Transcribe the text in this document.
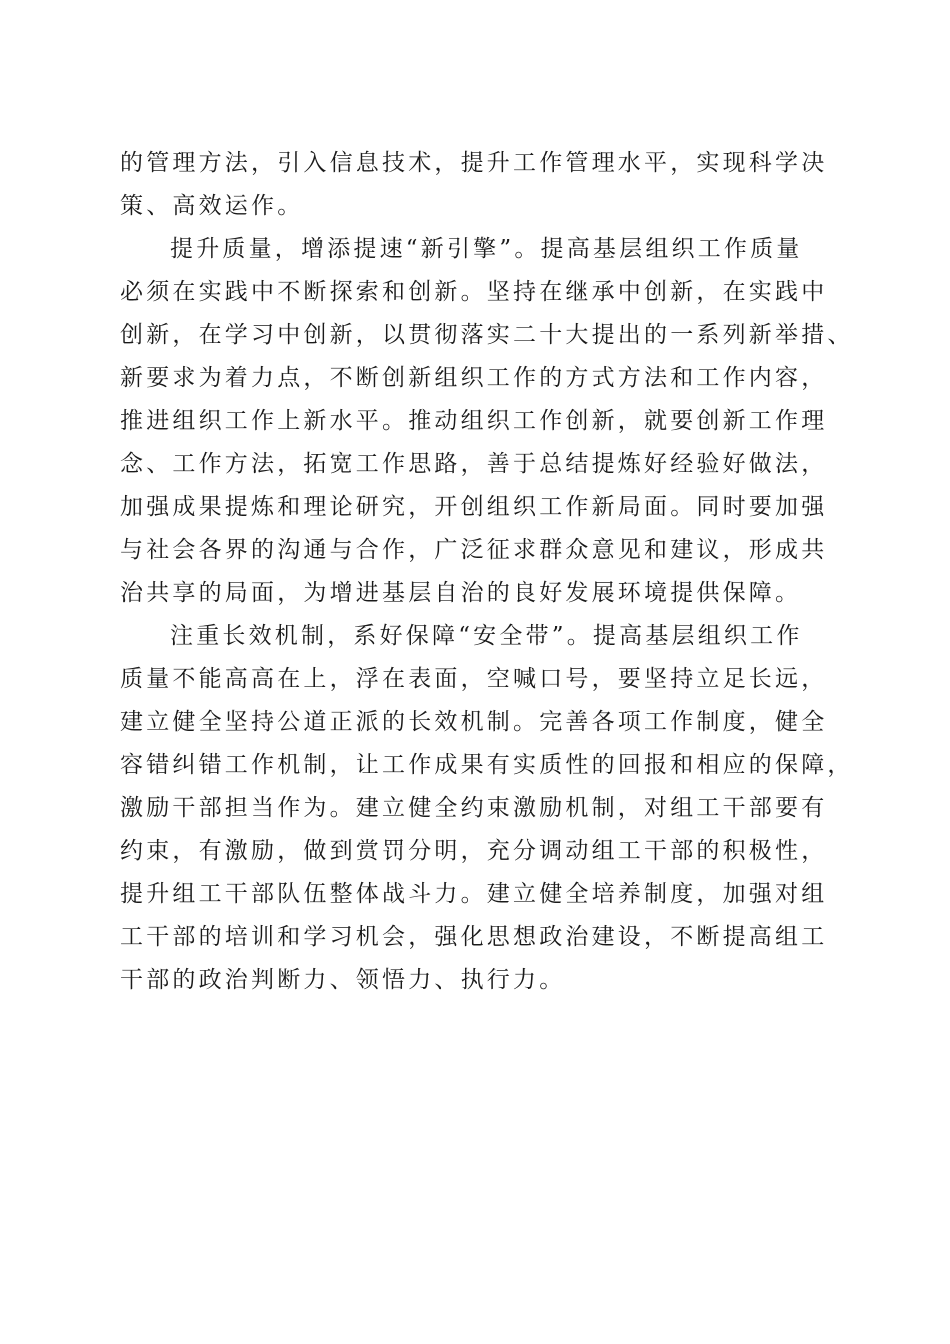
的管理方法，引入信息技术，提升工作管理水平，实现科学决
策、高效运作。
提升质量，增添提速“新引擎”。提高基层组织工作质量
必须在实践中不断探索和创新。坚持在继承中创新，在实践中
创新，在学习中创新，以贯彻落实二十大提出的一系列新举措、
新要求为着力点，不断创新组织工作的方式方法和工作内容，
推进组织工作上新水平。推动组织工作创新，就要创新工作理
念、工作方法，拓宽工作思路，善于总结提炼好经验好做法，
加强成果提炼和理论研究，开创组织工作新局面。同时要加强
与社会各界的沟通与合作，广泛征求群众意见和建议，形成共
治共享的局面，为增进基层自治的良好发展环境提供保障。
注重长效机制，系好保障“安全带”。提高基层组织工作
质量不能高高在上，浮在表面，空喊口号，要坚持立足长远，
建立健全坚持公道正派的长效机制。完善各项工作制度，健全
容错纠错工作机制，让工作成果有实质性的回报和相应的保障，
激励干部担当作为。建立健全约束激励机制，对组工干部要有
约束，有激励，做到赏罚分明，充分调动组工干部的积极性，
提升组工干部队伍整体战斗力。建立健全培养制度，加强对组
工干部的培训和学习机会，强化思想政治建设，不断提高组工
干部的政治判断力、领悟力、执行力。
